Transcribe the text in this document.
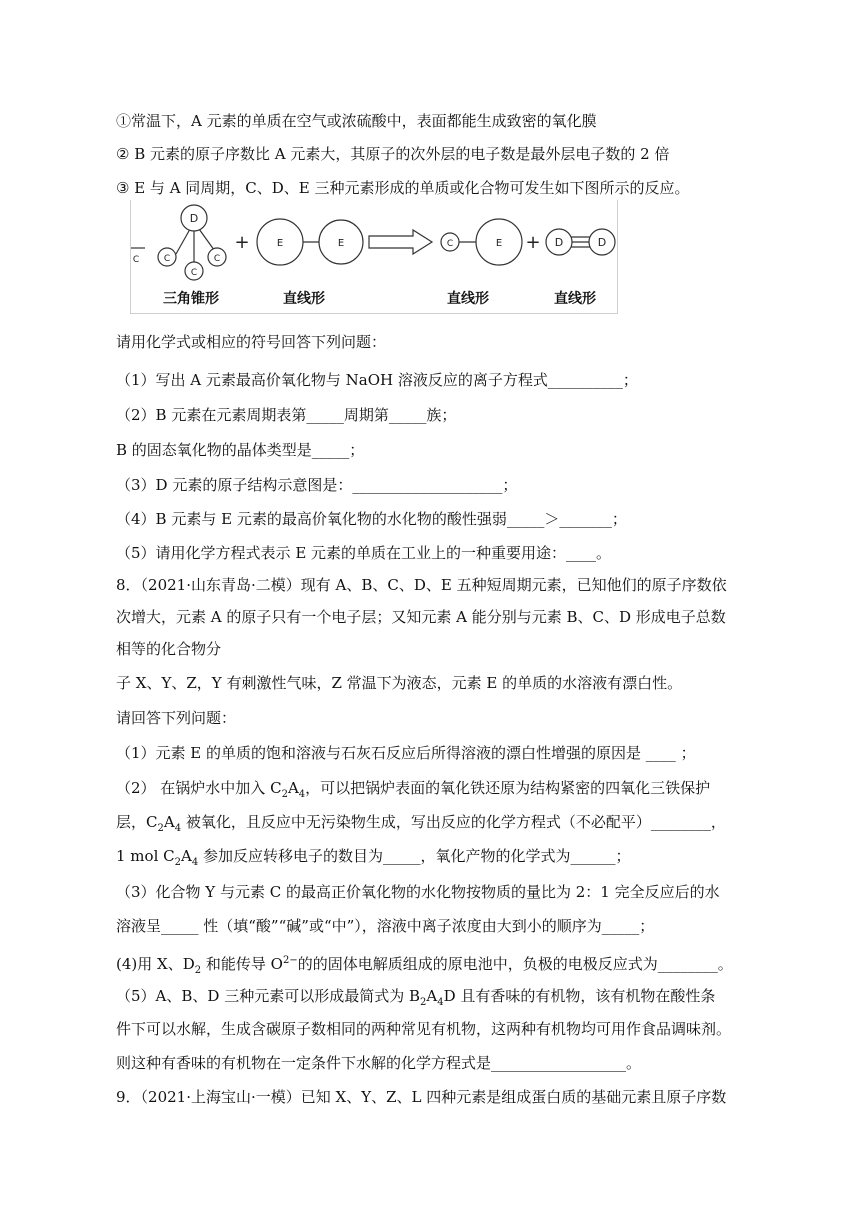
①常温下，A 元素的单质在空气或浓硫酸中，表面都能生成致密的氧化膜
② B 元素的原子序数比 A 元素大，其原子的次外层的电子数是最外层电子数的 2 倍
③ E 与 A 同周期，C、D、E 三种元素形成的单质或化合物可发生如下图所示的反应。
D
C
C
C
C
E	E	C	E	D	D
+	+
三角锥形	直线形	直线形	直线形
请用化学式或相应的符号回答下列问题：
（1）写出 A 元素最高价氧化物与 NaOH 溶液反应的离子方程式__________；
（2）B 元素在元素周期表第_____周期第_____族；
B 的固态氧化物的晶体类型是_____；
（3）D 元素的原子结构示意图是：____________________；
（4）B 元素与 E 元素的最高价氧化物的水化物的酸性强弱_____＞_______；
（5）请用化学方程式表示 E 元素的单质在工业上的一种重要用途：____。
8．（2021·山东青岛·二模）现有 A、B、C、D、E 五种短周期元素，已知他们的原子序数依
次增大，元素 A 的原子只有一个电子层；又知元素 A 能分别与元素 B、C、D 形成电子总数
相等的化合物分
子 X、Y、Z，Y 有刺激性气味，Z 常温下为液态，元素 E 的单质的水溶液有漂白性。
请回答下列问题：
（1）元素 E 的单质的饱和溶液与石灰石反应后所得溶液的漂白性增强的原因是 ____ ；
（2） 在锅炉水中加入 $C_2A_4$，可以把锅炉表面的氧化铁还原为结构紧密的四氧化三铁保护
层，$C_2A_4$ 被氧化，且反应中无污染物生成，写出反应的化学方程式（不必配平）________，
1 mol $C_2A_4$ 参加反应转移电子的数目为_____，氧化产物的化学式为______；
（3）化合物 Y 与元素 C 的最高正价氧化物的水化物按物质的量比为 2：1 完全反应后的水
溶液呈_____ 性（填“酸”“碱”或“中”），溶液中离子浓度由大到小的顺序为_____；
(4)用 X、$D_2$ 和能传导 $O^{2-}$的的固体电解质组成的原电池中，负极的电极反应式为________。
（5）A、B、D 三种元素可以形成最简式为 $B_2A_4D$ 且有香味的有机物，该有机物在酸性条
件下可以水解，生成含碳原子数相同的两种常见有机物，这两种有机物均可用作食品调味剂。
则这种有香味的有机物在一定条件下水解的化学方程式是__________________。
9．（2021·上海宝山·一模）已知 X、Y、Z、L 四种元素是组成蛋白质的基础元素且原子序数
